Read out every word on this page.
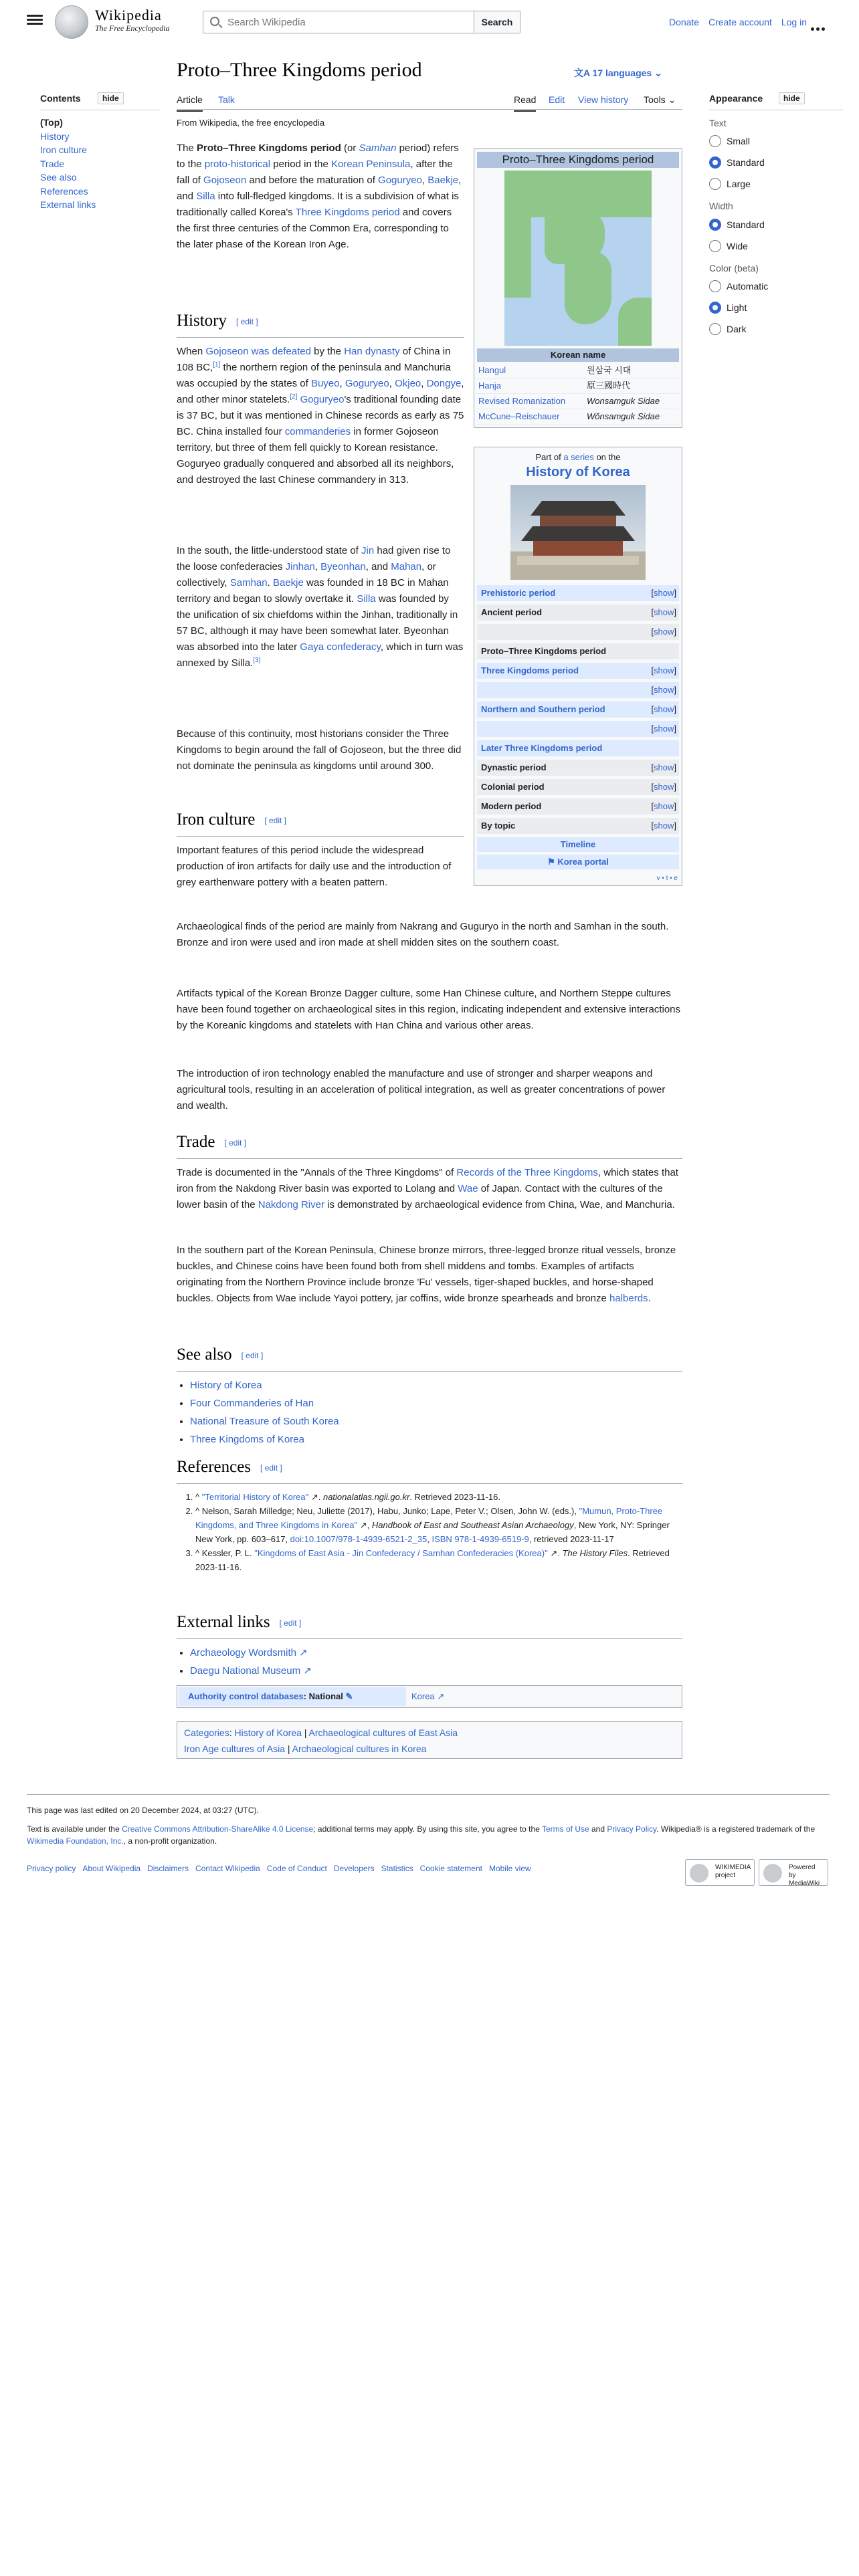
Wikipedia
The Free Encyclopedia
Search Wikipedia
Search	Donate Create account Log in
Contents	hide
(Top)
History
Iron culture
Trade
See also
References
External links
Proto–Three Kingdoms period	文A 17 languages ⌄
Article Talk	Read Edit View history Tools ⌄
From Wikipedia, the free encyclopedia
The Proto–Three Kingdoms period (or Samhan period) refers to the proto-historical period in the Korean Peninsula, after the fall of Gojoseon and before the maturation of Goguryeo, Baekje, and Silla into full-fledged kingdoms. It is a subdivision of what is traditionally called Korea's Three Kingdoms period and covers the first three centuries of the Common Era, corresponding to the later phase of the Korean Iron Age.
History [ edit ]
When Gojoseon was defeated by the Han dynasty of China in 108 BC,[1] the northern region of the peninsula and Manchuria was occupied by the states of Buyeo, Goguryeo, Okjeo, Dongye, and other minor statelets.[2] Goguryeo's traditional founding date is 37 BC, but it was mentioned in Chinese records as early as 75 BC. China installed four commanderies in former Gojoseon territory, but three of them fell quickly to Korean resistance. Goguryeo gradually conquered and absorbed all its neighbors, and destroyed the last Chinese commandery in 313.
In the south, the little-understood state of Jin had given rise to the loose confederacies Jinhan, Byeonhan, and Mahan, or collectively, Samhan. Baekje was founded in 18 BC in Mahan territory and began to slowly overtake it. Silla was founded by the unification of six chiefdoms within the Jinhan, traditionally in 57 BC, although it may have been somewhat later. Byeonhan was absorbed into the later Gaya confederacy, which in turn was annexed by Silla.[3]
Because of this continuity, most historians consider the Three Kingdoms to begin around the fall of Gojoseon, but the three did not dominate the peninsula as kingdoms until around 300.
Iron culture [ edit ]
Important features of this period include the widespread production of iron artifacts for daily use and the introduction of grey earthenware pottery with a beaten pattern.
Archaeological finds of the period are mainly from Nakrang and Guguryo in the north and Samhan in the south. Bronze and iron were used and iron made at shell midden sites on the southern coast.
Artifacts typical of the Korean Bronze Dagger culture, some Han Chinese culture, and Northern Steppe cultures have been found together on archaeological sites in this region, indicating independent and extensive interactions by the Koreanic kingdoms and statelets with Han China and various other areas.
The introduction of iron technology enabled the manufacture and use of stronger and sharper weapons and agricultural tools, resulting in an acceleration of political integration, as well as greater concentrations of power and wealth.
Trade [ edit ]
Trade is documented in the "Annals of the Three Kingdoms" of Records of the Three Kingdoms, which states that iron from the Nakdong River basin was exported to Lolang and Wae of Japan. Contact with the cultures of the lower basin of the Nakdong River is demonstrated by archaeological evidence from China, Wae, and Manchuria.
In the southern part of the Korean Peninsula, Chinese bronze mirrors, three-legged bronze ritual vessels, bronze buckles, and Chinese coins have been found both from shell middens and tombs. Examples of artifacts originating from the Northern Province include bronze 'Fu' vessels, tiger-shaped buckles, and horse-shaped buckles. Objects from Wae include Yayoi pottery, jar coffins, wide bronze spearheads and bronze halberds.
See also [ edit ]
• History of Korea
• Four Commanderies of Han
• National Treasure of South Korea
• Three Kingdoms of Korea
References [ edit ]
1. ^ "Territorial History of Korea" ↗. nationalatlas.ngii.go.kr. Retrieved 2023-11-16.
2. ^ Nelson, Sarah Milledge; Neu, Juliette (2017), Habu, Junko; Lape, Peter V.; Olsen, John W. (eds.), "Mumun, Proto-Three Kingdoms, and Three Kingdoms in Korea" ↗, Handbook of East and Southeast Asian Archaeology, New York, NY: Springer New York, pp. 603–617, doi:10.1007/978-1-4939-6521-2_35, ISBN 978-1-4939-6519-9, retrieved 2023-11-17
3. ^ Kessler, P. L. "Kingdoms of East Asia - Jin Confederacy / Samhan Confederacies (Korea)" ↗. The History Files. Retrieved 2023-11-16.
External links [ edit ]
• Archaeology Wordsmith ↗
• Daegu National Museum ↗
Proto–Three Kingdoms period
Korean name
Hangul	원삼국 시대
Hanja	原三國時代
Revised Romanization	Wonsamguk Sidae
McCune–Reischauer	Wŏnsamguk Sidae
Part of a series on the
History of Korea
Prehistoric period	[show]
Ancient period	[show]
[show]
Proto–Three Kingdoms period
Three Kingdoms period	[show]
[show]
Northern and Southern period	[show]
[show]
Later Three Kingdoms period
Dynastic period	[show]
Colonial period	[show]
Modern period	[show]
By topic	[show]
Timeline
⚑ Korea portal
v • t • e
Appearance	hide
Text
Small
Standard
Large
Width
Standard
Wide
Color (beta)
Automatic
Light
Dark
Authority control databases: National ✎	Korea ↗
Categories: History of Korea | Archaeological cultures of East Asia
Iron Age cultures of Asia | Archaeological cultures in Korea
This page was last edited on 20 December 2024, at 03:27 (UTC).
Text is available under the Creative Commons Attribution-ShareAlike 4.0 License; additional terms may apply. By using this site, you agree to the Terms of Use and Privacy Policy. Wikipedia® is a registered trademark of the Wikimedia Foundation, Inc., a non-profit organization.
Privacy policy About Wikipedia Disclaimers Contact Wikipedia Code of Conduct Developers Statistics Cookie statement Mobile view	WIKIMEDIA project
Powered by MediaWiki
